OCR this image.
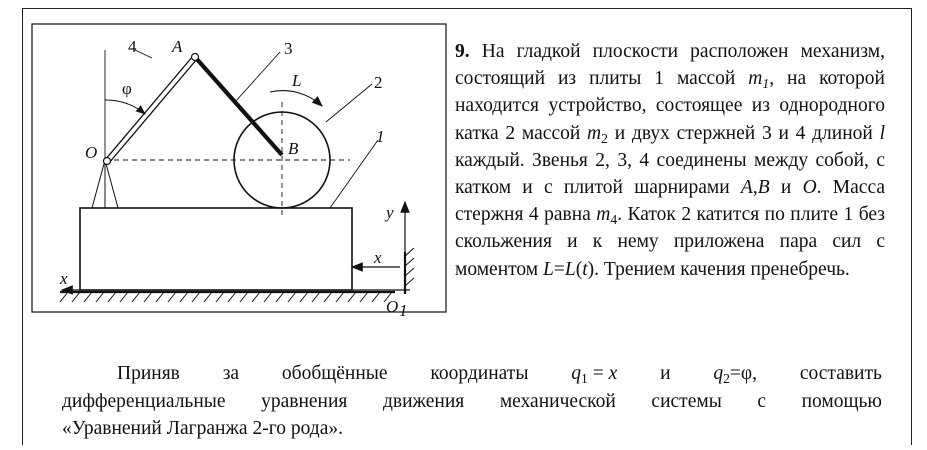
4 A	3
φ	L	2
O	B
1
y
x
x
O 1
9. На гладкой плоскости расположен механизм, состоящий из плиты 1 массой $m_1$, на которой находится устройство, состоящее из однородного катка 2 массой $m_2$ и двух стержней 3 и 4 длиной l каждый. Звенья 2, 3, 4 соединены между собой, с катком и с плитой шарнирами A,B и O. Масса стержня 4 равна $m_4$. Каток 2 катится по плите 1 без скольжения и к нему приложена пара сил с моментом L=L(t). Трением качения пренебречь.
Приняв за обобщённые координаты $q_1 = x$ и $q_2=\varphi$, составить
дифференциальные уравнения движения механической системы с помощью
«Уравнений Лагранжа 2-го рода».
